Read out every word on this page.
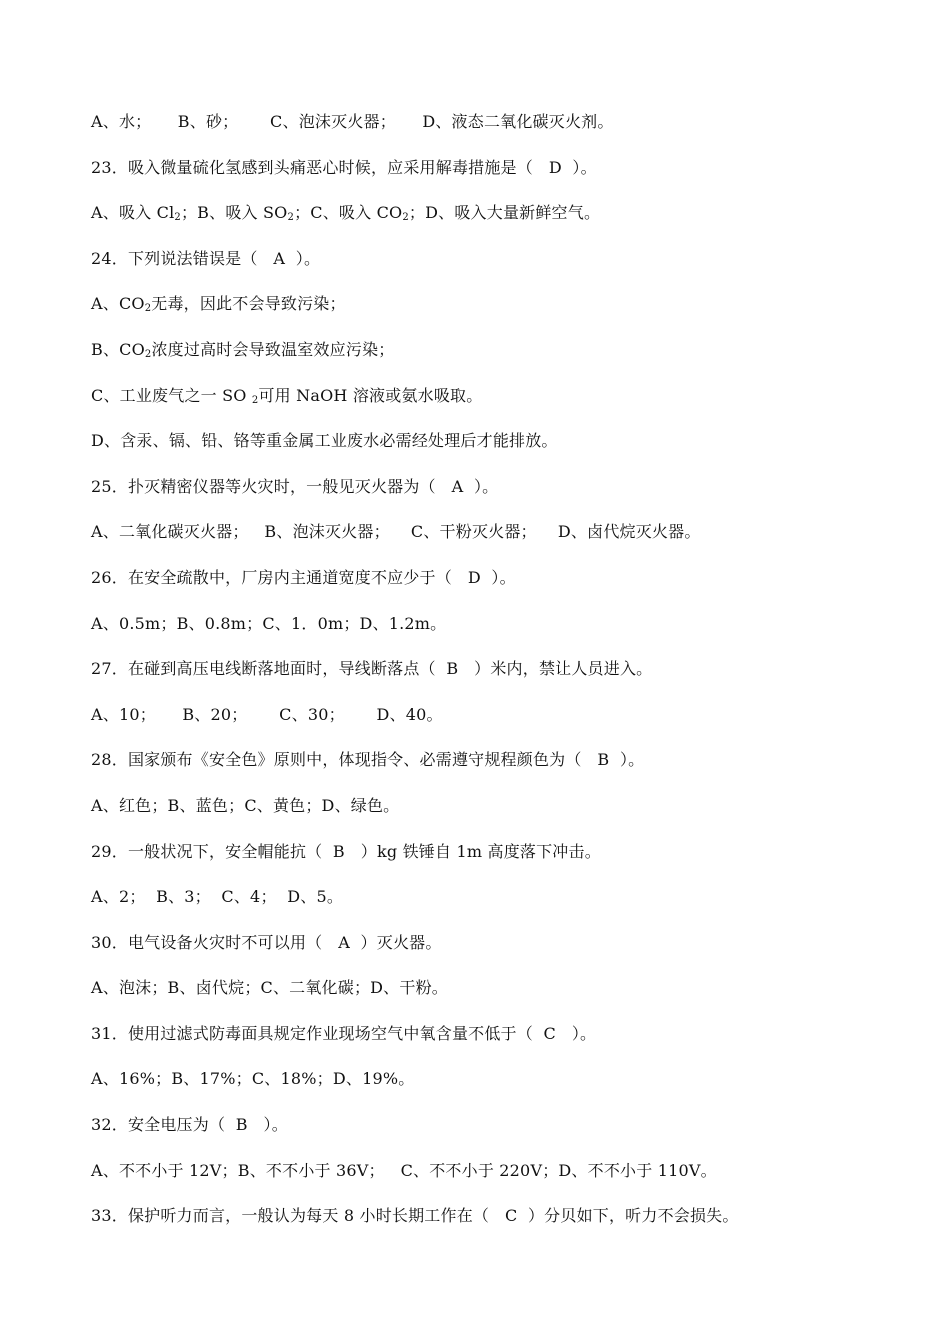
A、水；     B、砂；      C、泡沫灭火器；     D、液态二氧化碳灭火剂。
23．吸入微量硫化氢感到头痛恶心时候，应采用解毒措施是（   D  ）。
A、吸入 $Cl_2$；B、吸入 $SO_2$；C、吸入 $CO_2$；D、吸入大量新鲜空气。
24．下列说法错误是（   A  ）。
A、$CO_2$无毒，因此不会导致污染；
B、$CO_2$浓度过高时会导致温室效应污染；
C、工业废气之一 SO $_2$可用 NaOH 溶液或氨水吸取。
D、含汞、镉、铅、铬等重金属工业废水必需经处理后才能排放。
25．扑灭精密仪器等火灾时，一般见灭火器为（   A  ）。
A、二氧化碳灭火器；   B、泡沫灭火器；    C、干粉灭火器；    D、卤代烷灭火器。
26．在安全疏散中，厂房内主通道宽度不应少于（   D  ）。
A、0.5m；B、0.8m；C、1．0m；D、1.2m。
27．在碰到高压电线断落地面时，导线断落点（  B   ）米内，禁让人员进入。
A、10；     B、20；      C、30；      D、40。
28．国家颁布《安全色》原则中，体现指令、必需遵守规程颜色为（   B  ）。
A、红色；B、蓝色；C、黄色；D、绿色。
29．一般状况下，安全帽能抗（  B   ）kg 铁锤自 1m 高度落下冲击。
A、2；  B、3；  C、4；  D、5。
30．电气设备火灾时不可以用（   A  ）灭火器。
A、泡沫；B、卤代烷；C、二氧化碳；D、干粉。
31．使用过滤式防毒面具规定作业现场空气中氧含量不低于（  C   ）。
A、16%；B、17%；C、18%；D、19%。
32．安全电压为（  B   ）。
A、不不小于 12V；B、不不小于 36V；   C、不不小于 220V；D、不不小于 110V。
33．保护听力而言，一般认为每天 8 小时长期工作在（   C  ）分贝如下，听力不会损失。
